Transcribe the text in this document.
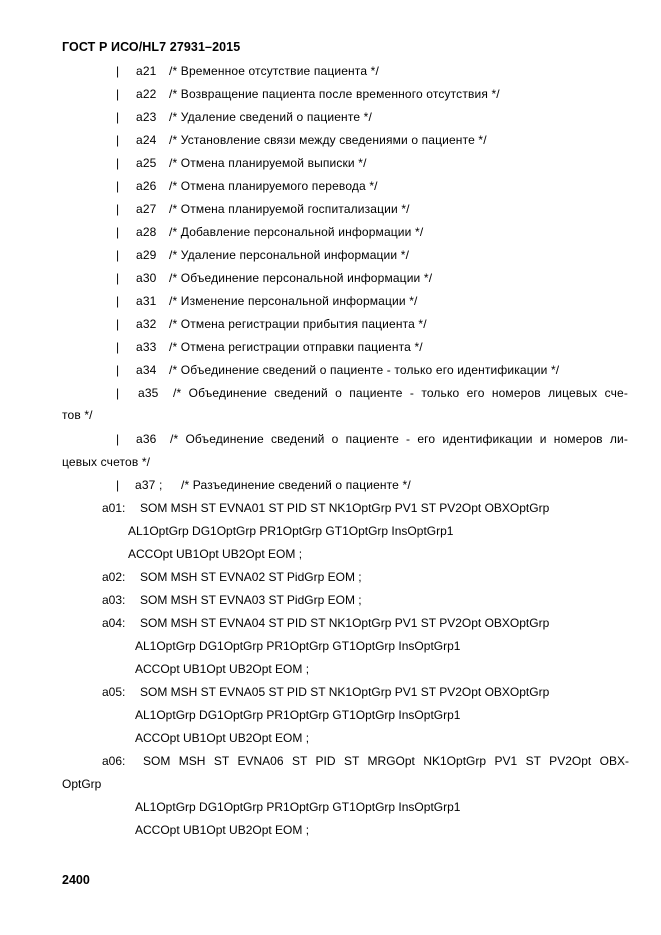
ГОСТ Р ИСО/HL7 27931–2015
| a21 /* Временное отсутствие пациента */
| a22 /* Возвращение пациента после временного отсутствия */
| a23 /* Удаление сведений о пациенте */
| a24 /* Установление связи между сведениями о пациенте */
| a25 /* Отмена планируемой выписки */
| a26 /* Отмена планируемого перевода */
| a27 /* Отмена планируемой госпитализации */
| a28 /* Добавление персональной информации */
| a29 /* Удаление персональной информации */
| a30 /* Объединение персональной информации */
| a31 /* Изменение персональной информации */
| a32 /* Отмена регистрации прибытия пациента */
| a33 /* Отмена регистрации отправки пациента */
| a34 /* Объединение сведений о пациенте - только его идентификации */
| a35 /* Объединение сведений о пациенте - только его номеров лицевых сче-
тов */
| a36 /* Объединение сведений о пациенте - его идентификации и номеров ли-
цевых счетов */
| a37 ; /* Разъединение сведений о пациенте */
a01: SOM MSH ST EVNA01 ST PID ST NK1OptGrp PV1 ST PV2Opt OBXOptGrp
AL1OptGrp DG1OptGrp PR1OptGrp GT1OptGrp InsOptGrp1
ACCOpt UB1Opt UB2Opt EOM ;
a02: SOM MSH ST EVNA02 ST PidGrp EOM ;
a03: SOM MSH ST EVNA03 ST PidGrp EOM ;
a04: SOM MSH ST EVNA04 ST PID ST NK1OptGrp PV1 ST PV2Opt OBXOptGrp
AL1OptGrp DG1OptGrp PR1OptGrp GT1OptGrp InsOptGrp1
ACCOpt UB1Opt UB2Opt EOM ;
a05: SOM MSH ST EVNA05 ST PID ST NK1OptGrp PV1 ST PV2Opt OBXOptGrp
AL1OptGrp DG1OptGrp PR1OptGrp GT1OptGrp InsOptGrp1
ACCOpt UB1Opt UB2Opt EOM ;
a06: SOM MSH ST EVNA06 ST PID ST MRGOpt NK1OptGrp PV1 ST PV2Opt OBX-
OptGrp
AL1OptGrp DG1OptGrp PR1OptGrp GT1OptGrp InsOptGrp1
ACCOpt UB1Opt UB2Opt EOM ;
2400
